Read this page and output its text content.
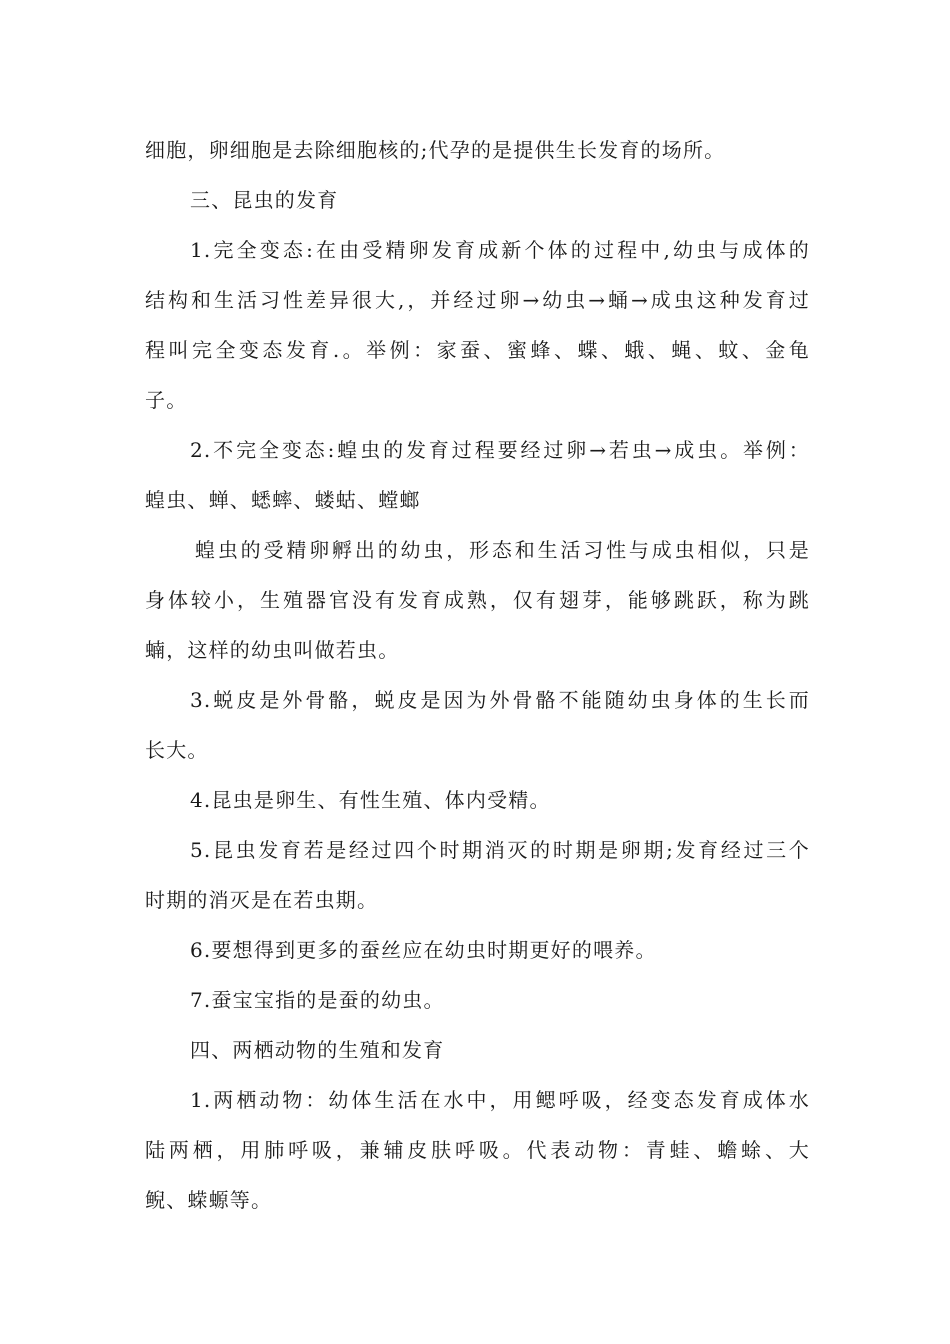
细胞，卵细胞是去除细胞核的;代孕的是提供生长发育的场所。
三、昆虫的发育
1.完全变态:在由受精卵发育成新个体的过程中,幼虫与成体的
结构和生活习性差异很大,，并经过卵→幼虫→蛹→成虫这种发育过
程叫完全变态发育.。举例：家蚕、蜜蜂、蝶、蛾、蝇、蚊、金龟
子。
2.不完全变态:蝗虫的发育过程要经过卵→若虫→成虫。举例：
蝗虫、蝉、蟋蟀、蝼蛄、螳螂
蝗虫的受精卵孵出的幼虫，形态和生活习性与成虫相似，只是
身体较小，生殖器官没有发育成熟，仅有翅芽，能够跳跃，称为跳
蝻，这样的幼虫叫做若虫。
3.蜕皮是外骨骼，蜕皮是因为外骨骼不能随幼虫身体的生长而
长大。
4.昆虫是卵生、有性生殖、体内受精。
5.昆虫发育若是经过四个时期消灭的时期是卵期;发育经过三个
时期的消灭是在若虫期。
6.要想得到更多的蚕丝应在幼虫时期更好的喂养。
7.蚕宝宝指的是蚕的幼虫。
四、两栖动物的生殖和发育
1.两栖动物：幼体生活在水中，用鳃呼吸，经变态发育成体水
陆两栖，用肺呼吸，兼辅皮肤呼吸。代表动物：青蛙、蟾蜍、大
鲵、蝾螈等。
